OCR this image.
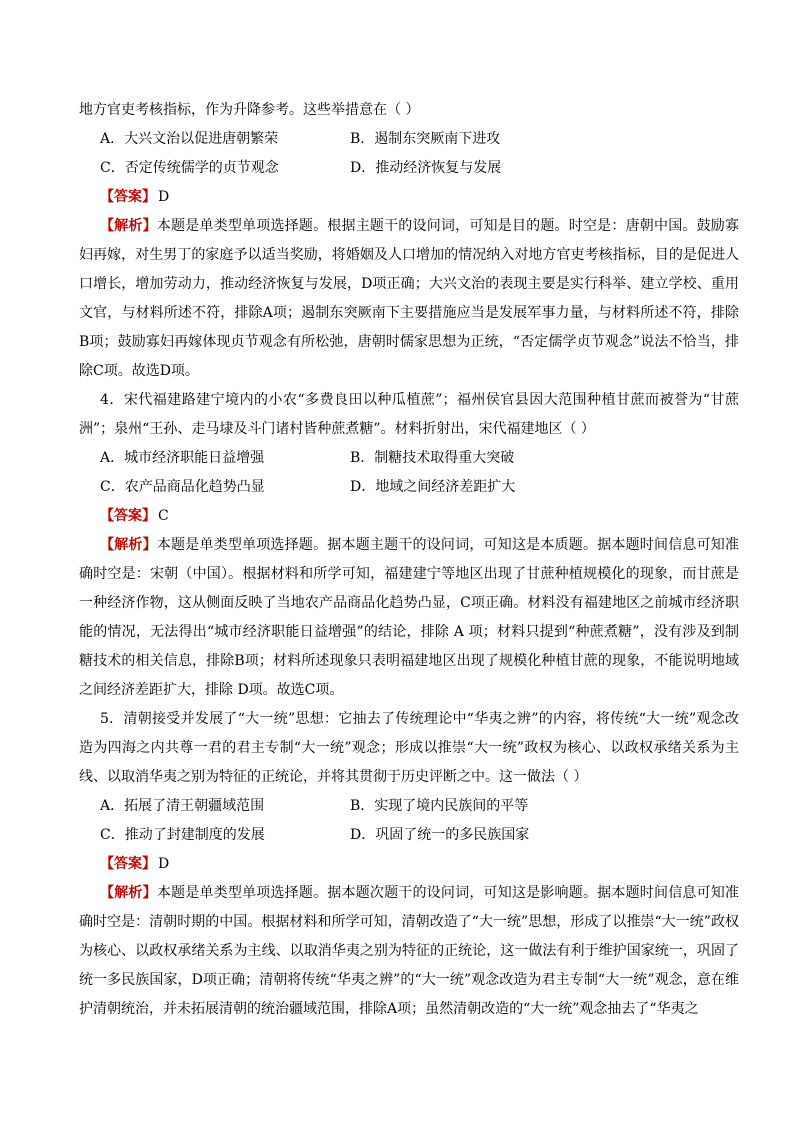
地方官吏考核指标，作为升降参考。这些举措意在（ ）

A．大兴文治以促进唐朝繁荣	B．遏制东突厥南下进攻
C．否定传统儒学的贞节观念	D．推动经济恢复与发展
【答案】 D

【解析】本题是单类型单项选择题。根据主题干的设问词，可知是目的题。时空是：唐朝中国。鼓励寡妇再嫁，对生男丁的家庭予以适当奖励，将婚姻及人口增加的情况纳入对地方官吏考核指标，目的是促进人口增长，增加劳动力，推动经济恢复与发展，D项正确；大兴文治的表现主要是实行科举、建立学校、重用文官，与材料所述不符，排除A项；遏制东突厥南下主要措施应当是发展军事力量，与材料所述不符，排除B项；鼓励寡妇再嫁体现贞节观念有所松弛，唐朝时儒家思想为正统，“否定儒学贞节观念”说法不恰当，排除C项。故选D项。

4．宋代福建路建宁境内的小农“多费良田以种瓜植蔗”；福州侯官县因大范围种植甘蔗而被誉为“甘蔗洲”；泉州“王孙、走马埭及斗门诸村皆种蔗煮糖”。材料折射出，宋代福建地区（ ）

A．城市经济职能日益增强	B．制糖技术取得重大突破
C．农产品商品化趋势凸显	D．地域之间经济差距扩大
【答案】 C

【解析】本题是单类型单项选择题。据本题主题干的设问词，可知这是本质题。据本题时间信息可知准确时空是：宋朝（中国）。根据材料和所学可知，福建建宁等地区出现了甘蔗种植规模化的现象，而甘蔗是一种经济作物，这从侧面反映了当地农产品商品化趋势凸显，C项正确。材料没有福建地区之前城市经济职能的情况，无法得出“城市经济职能日益增强”的结论，排除 A 项；材料只提到“种蔗煮糖”，没有涉及到制糖技术的相关信息，排除B项；材料所述现象只表明福建地区出现了规模化种植甘蔗的现象，不能说明地域之间经济差距扩大，排除 D项。故选C项。

5．清朝接受并发展了“大一统”思想：它抽去了传统理论中“华夷之辨”的内容，将传统“大一统”观念改造为四海之内共尊一君的君主专制“大一统”观念；形成以推崇“大一统”政权为核心、以政权承绪关系为主线、以取消华夷之别为特征的正统论，并将其贯彻于历史评断之中。这一做法（ ）

A．拓展了清王朝疆域范围	B．实现了境内民族间的平等
C．推动了封建制度的发展	D．巩固了统一的多民族国家
【答案】 D

【解析】本题是单类型单项选择题。据本题次题干的设问词，可知这是影响题。据本题时间信息可知准确时空是：清朝时期的中国。根据材料和所学可知，清朝改造了“大一统”思想，形成了以推崇“大一统”政权为核心、以政权承绪关系为主线、以取消华夷之别为特征的正统论，这一做法有利于维护国家统一，巩固了统一多民族国家，D项正确；清朝将传统“华夷之辨”的“大一统”观念改造为君主专制“大一统”观念，意在维护清朝统治，并未拓展清朝的统治疆域范围，排除A项；虽然清朝改造的“大一统”观念抽去了“华夷之
